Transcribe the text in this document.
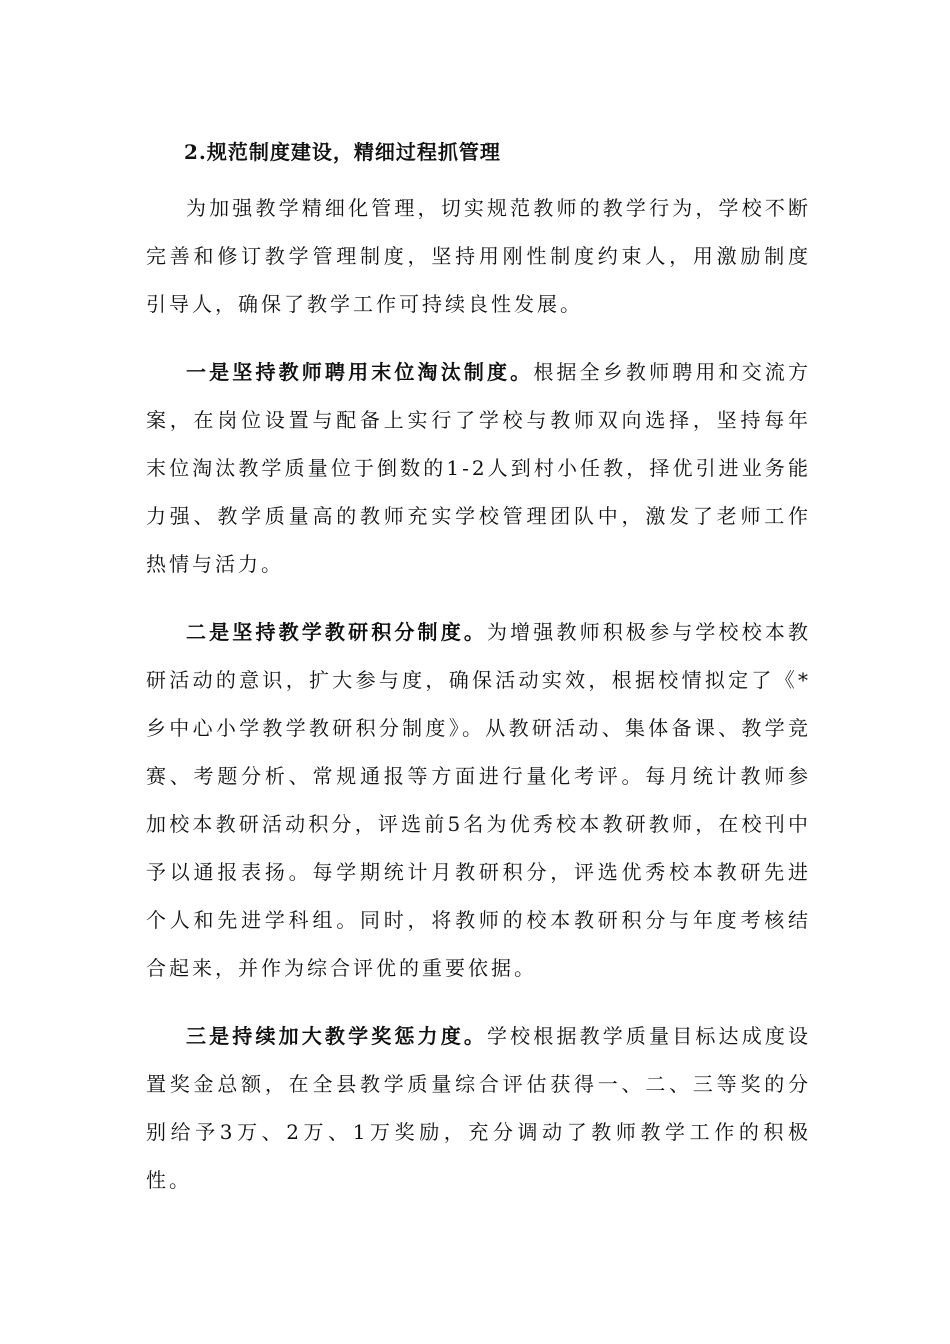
2.规范制度建设，精细过程抓管理

为加强教学精细化管理，切实规范教师的教学行为，学校不断完善和修订教学管理制度，坚持用刚性制度约束人，用激励制度引导人，确保了教学工作可持续良性发展。

一是坚持教师聘用末位淘汰制度。根据全乡教师聘用和交流方案，在岗位设置与配备上实行了学校与教师双向选择，坚持每年末位淘汰教学质量位于倒数的1-2人到村小任教，择优引进业务能力强、教学质量高的教师充实学校管理团队中，激发了老师工作热情与活力。

二是坚持教学教研积分制度。为增强教师积极参与学校校本教研活动的意识，扩大参与度，确保活动实效，根据校情拟定了《*乡中心小学教学教研积分制度》。从教研活动、集体备课、教学竞赛、考题分析、常规通报等方面进行量化考评。每月统计教师参加校本教研活动积分，评选前5名为优秀校本教研教师，在校刊中予以通报表扬。每学期统计月教研积分，评选优秀校本教研先进个人和先进学科组。同时，将教师的校本教研积分与年度考核结合起来，并作为综合评优的重要依据。

三是持续加大教学奖惩力度。学校根据教学质量目标达成度设置奖金总额，在全县教学质量综合评估获得一、二、三等奖的分别给予3万、2万、1万奖励，充分调动了教师教学工作的积极性。
